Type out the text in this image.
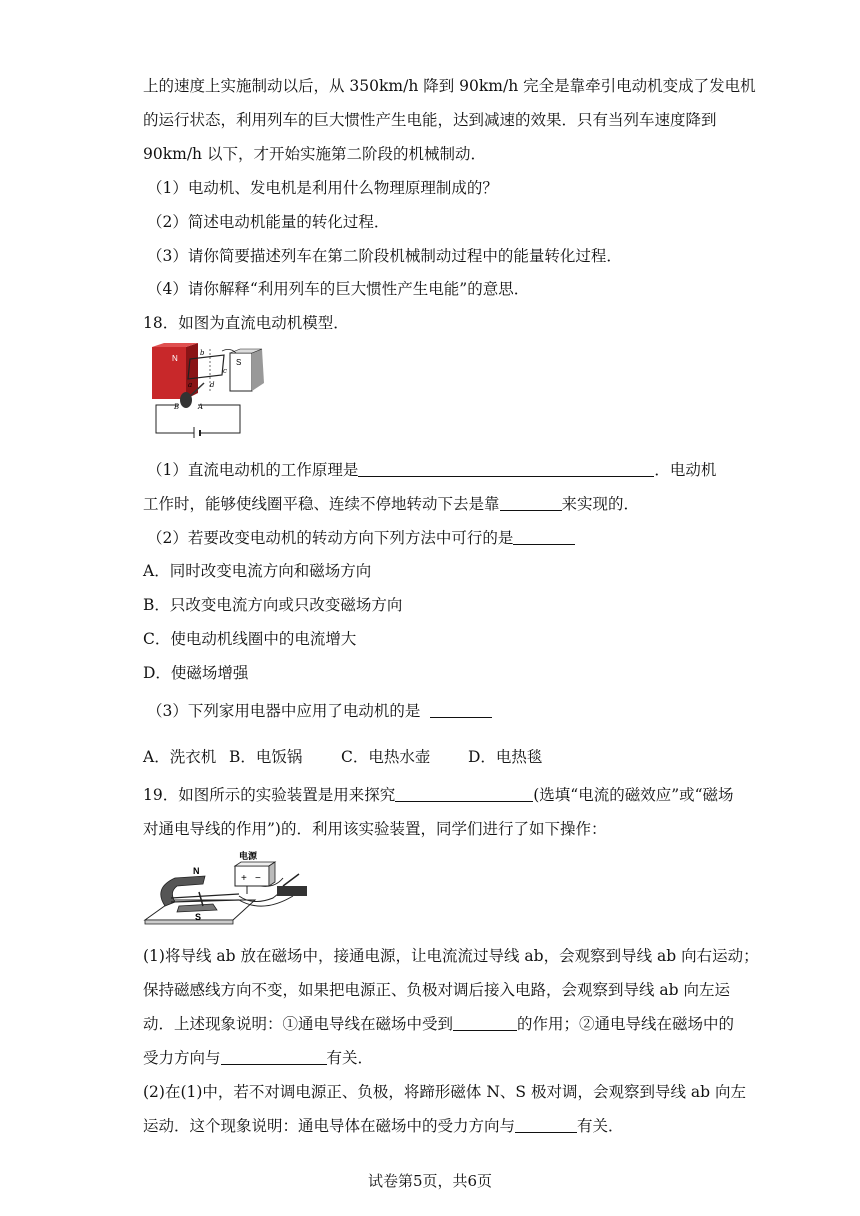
上的速度上实施制动以后，从 350km/h 降到 90km/h 完全是靠牵引电动机变成了发电机
的运行状态，利用列车的巨大惯性产生电能，达到减速的效果．只有当列车速度降到
90km/h 以下，才开始实施第二阶段的机械制动．
（1）电动机、发电机是利用什么物理原理制成的？
（2）简述电动机能量的转化过程．
（3）请你简要描述列车在第二阶段机械制动过程中的能量转化过程．
（4）请你解释“利用列车的巨大惯性产生电能”的意思．
18．如图为直流电动机模型．
N	S
b
a
c
d
B	A
（1）直流电动机的工作原理是	．电动机
工作时，能够使线圈平稳、连续不停地转动下去是靠	来实现的．
（2）若要改变电动机的转动方向下列方法中可行的是
A．同时改变电流方向和磁场方向
B．只改变电流方向或只改变磁场方向
C．使电动机线圈中的电流增大
D．使磁场增强
（3）下列家用电器中应用了电动机的是
A．洗衣机 B．电饭锅 C．电热水壶 D．电热毯
19．如图所示的实验装置是用来探究	(选填“电流的磁效应”或“磁场
对通电导线的作用”)的．利用该实验装置，同学们进行了如下操作：
N
S
电源
+ −
(1)将导线 ab 放在磁场中，接通电源，让电流流过导线 ab，会观察到导线 ab 向右运动；
保持磁感线方向不变，如果把电源正、负极对调后接入电路，会观察到导线 ab 向左运
动．上述现象说明：①通电导线在磁场中受到	的作用；②通电导线在磁场中的
受力方向与	有关．
(2)在(1)中，若不对调电源正、负极，将蹄形磁体 N、S 极对调，会观察到导线 ab 向左
运动．这个现象说明：通电导体在磁场中的受力方向与	有关．
试卷第5页，共6页
